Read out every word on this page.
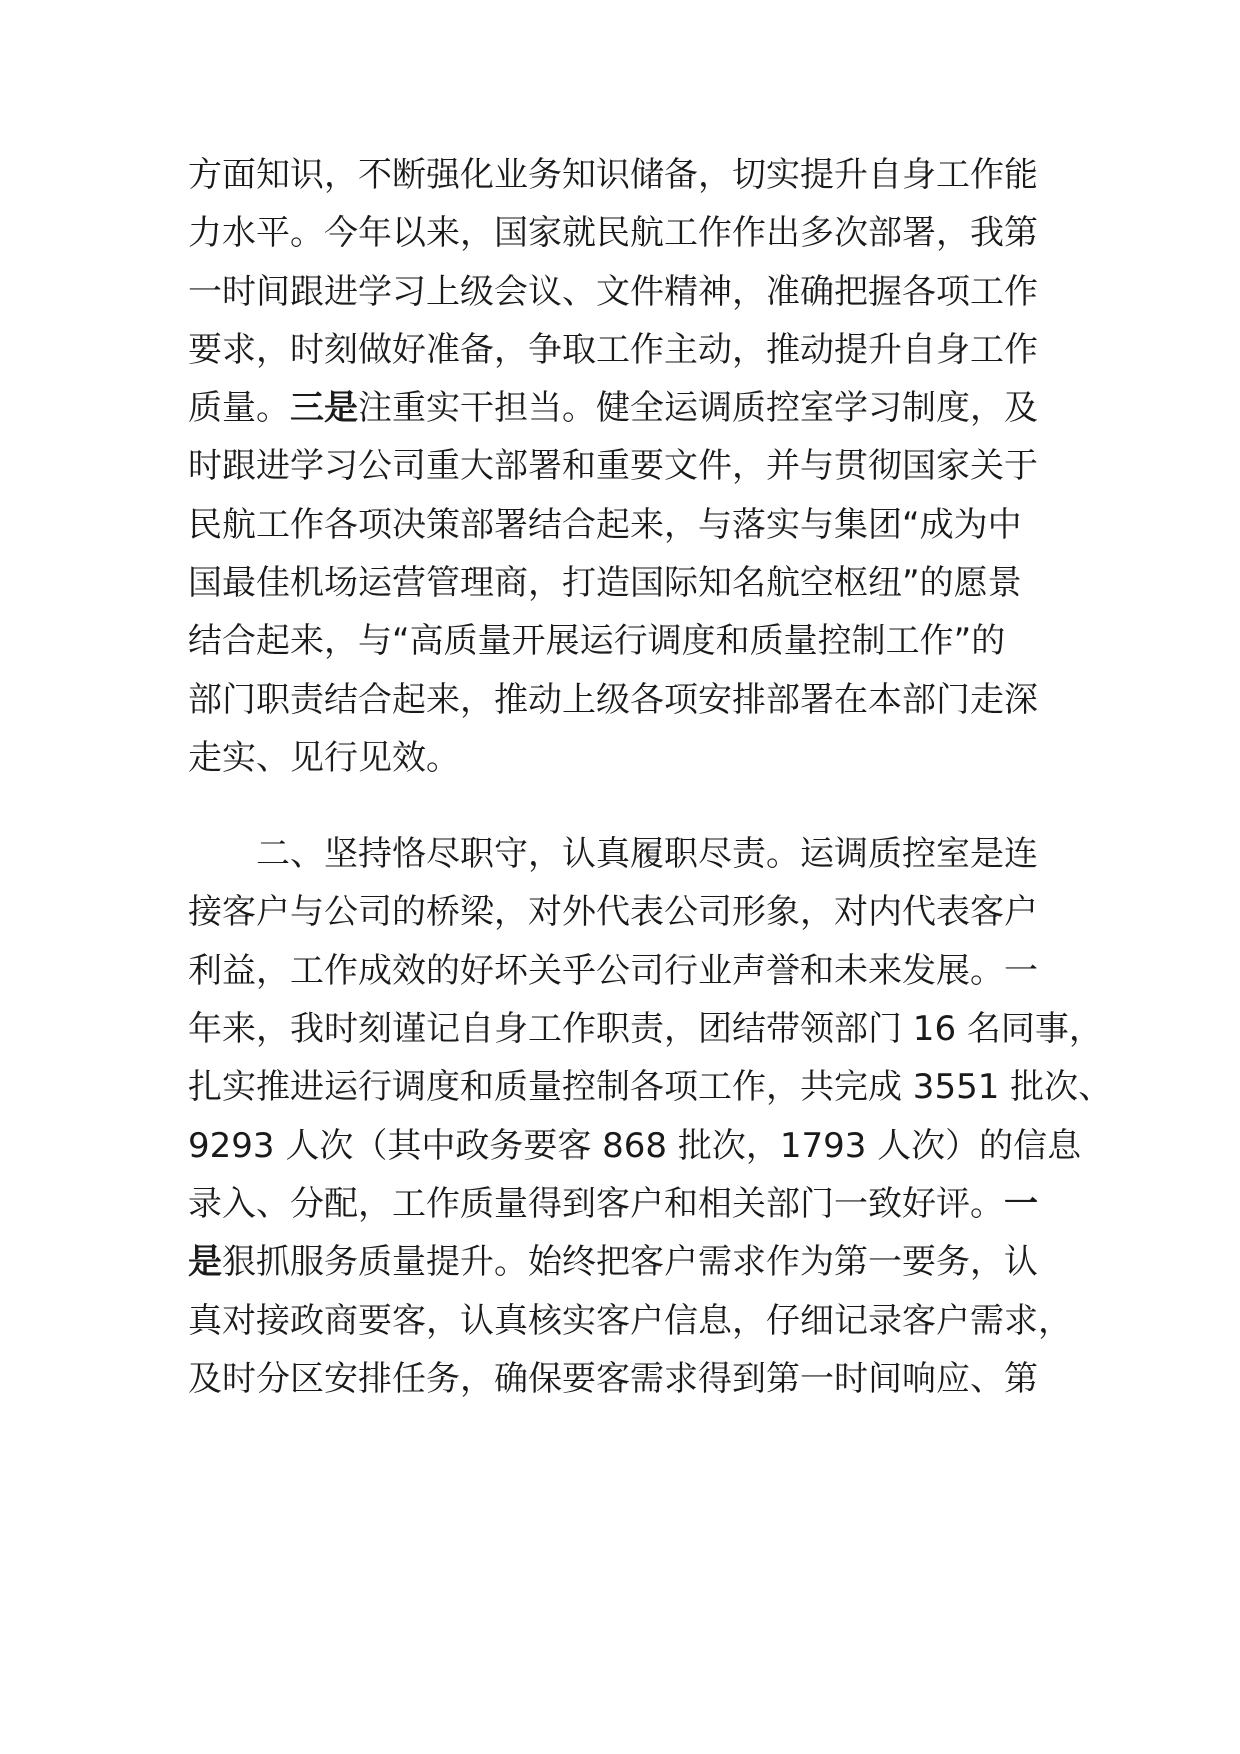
方面知识，不断强化业务知识储备，切实提升自身工作能
力水平。今年以来，国家就民航工作作出多次部署，我第
一时间跟进学习上级会议、文件精神，准确把握各项工作
要求，时刻做好准备，争取工作主动，推动提升自身工作
质量。三是注重实干担当。健全运调质控室学习制度，及
时跟进学习公司重大部署和重要文件，并与贯彻国家关于
民航工作各项决策部署结合起来，与落实与集团“成为中
国最佳机场运营管理商，打造国际知名航空枢纽”的愿景
结合起来，与“高质量开展运行调度和质量控制工作”的
部门职责结合起来，推动上级各项安排部署在本部门走深
走实、见行见效。
二、坚持恪尽职守，认真履职尽责。运调质控室是连
接客户与公司的桥梁，对外代表公司形象，对内代表客户
利益，工作成效的好坏关乎公司行业声誉和未来发展。一
年来，我时刻谨记自身工作职责，团结带领部门 16 名同事，
扎实推进运行调度和质量控制各项工作，共完成 3551 批次、
9293 人次（其中政务要客 868 批次，1793 人次）的信息
录入、分配，工作质量得到客户和相关部门一致好评。一
是狠抓服务质量提升。始终把客户需求作为第一要务，认
真对接政商要客，认真核实客户信息，仔细记录客户需求，
及时分区安排任务，确保要客需求得到第一时间响应、第
